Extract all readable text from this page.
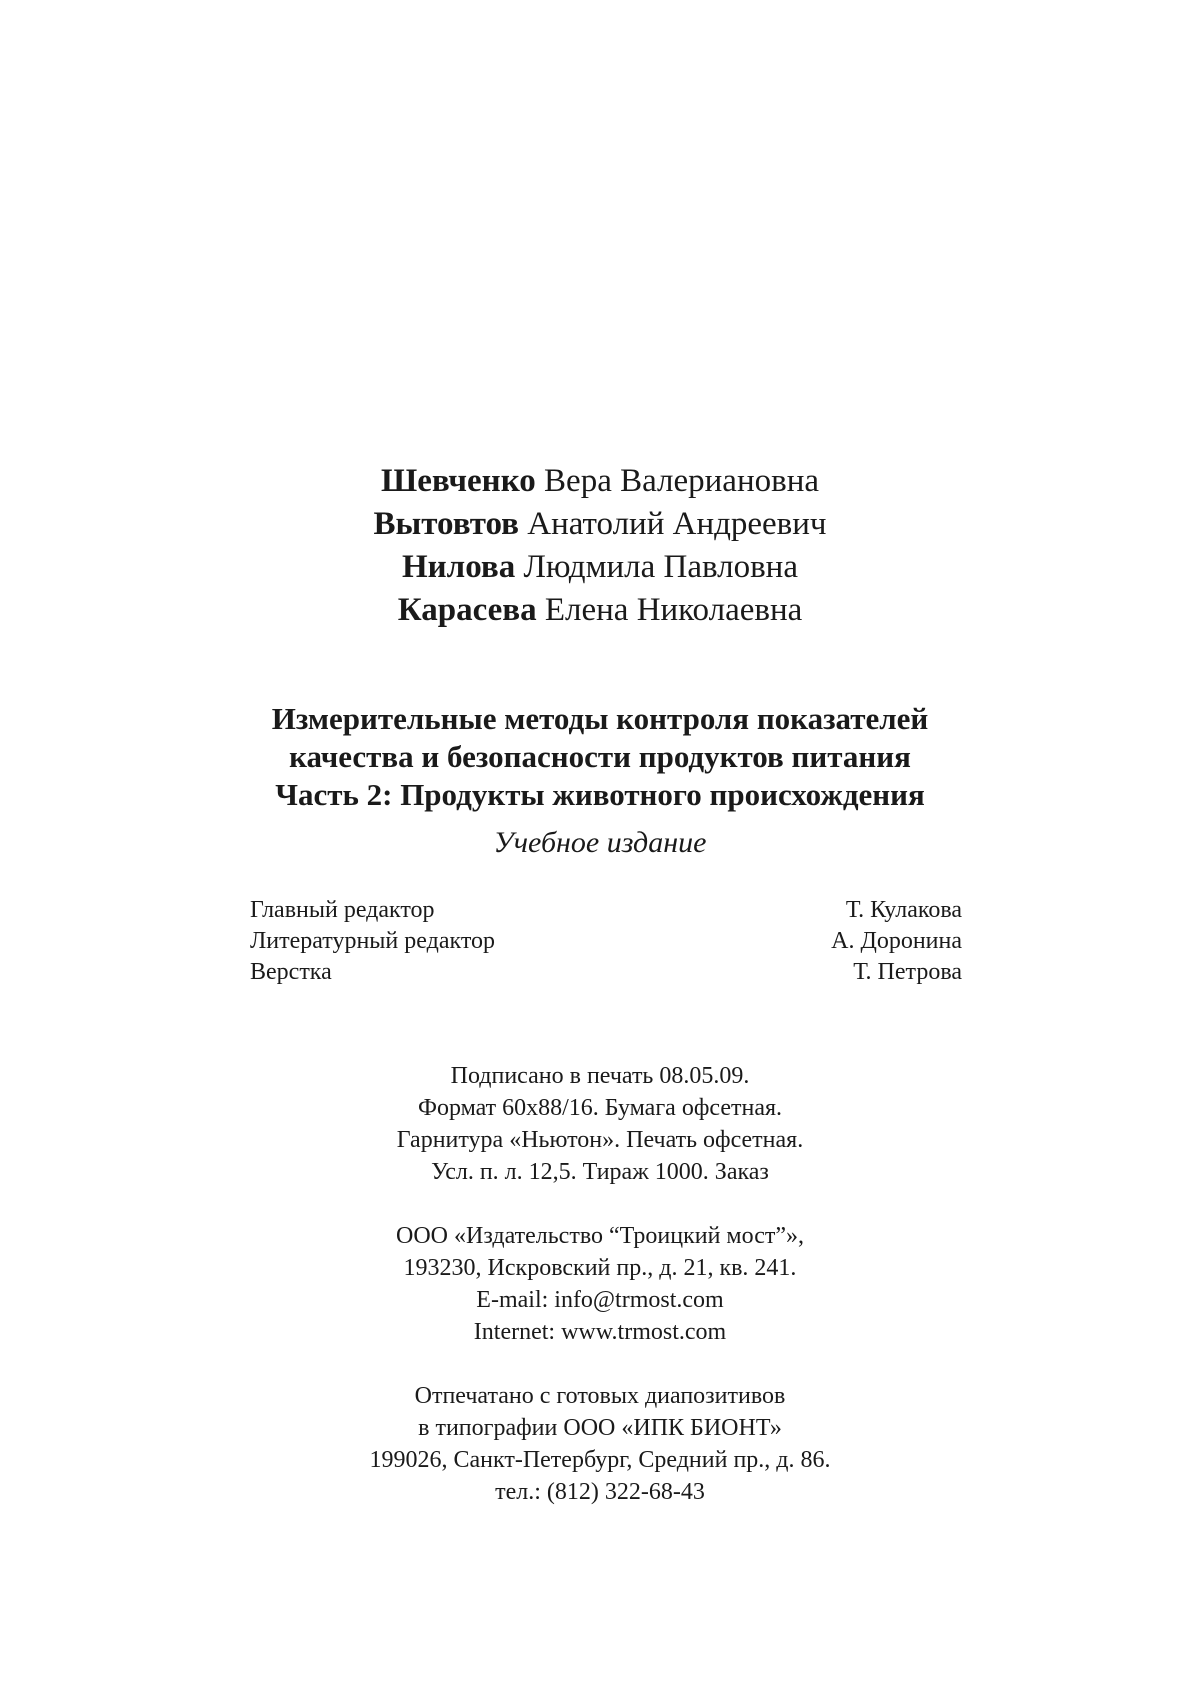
Шевченко Вера Валериановна
Вытовтов Анатолий Андреевич
Нилова Людмила Павловна
Карасева Елена Николаевна
Измерительные методы контроля показателей
качества и безопасности продуктов питания
Часть 2: Продукты животного происхождения
Учебное издание
Главный редактор	Т. Кулакова
Литературный редактор	А. Доронина
Верстка	Т. Петрова
Подписано в печать 08.05.09.
Формат 60x88/16. Бумага офсетная.
Гарнитура «Ньютон». Печать офсетная.
Усл. п. л. 12,5. Тираж 1000. Заказ
ООО «Издательство “Троицкий мост”»,
193230, Искровский пр., д. 21, кв. 241.
E-mail: info@trmost.com
Internet: www.trmost.com
Отпечатано с готовых диапозитивов
в типографии ООО «ИПК БИОНТ»
199026, Санкт-Петербург, Средний пр., д. 86.
тел.: (812) 322-68-43
